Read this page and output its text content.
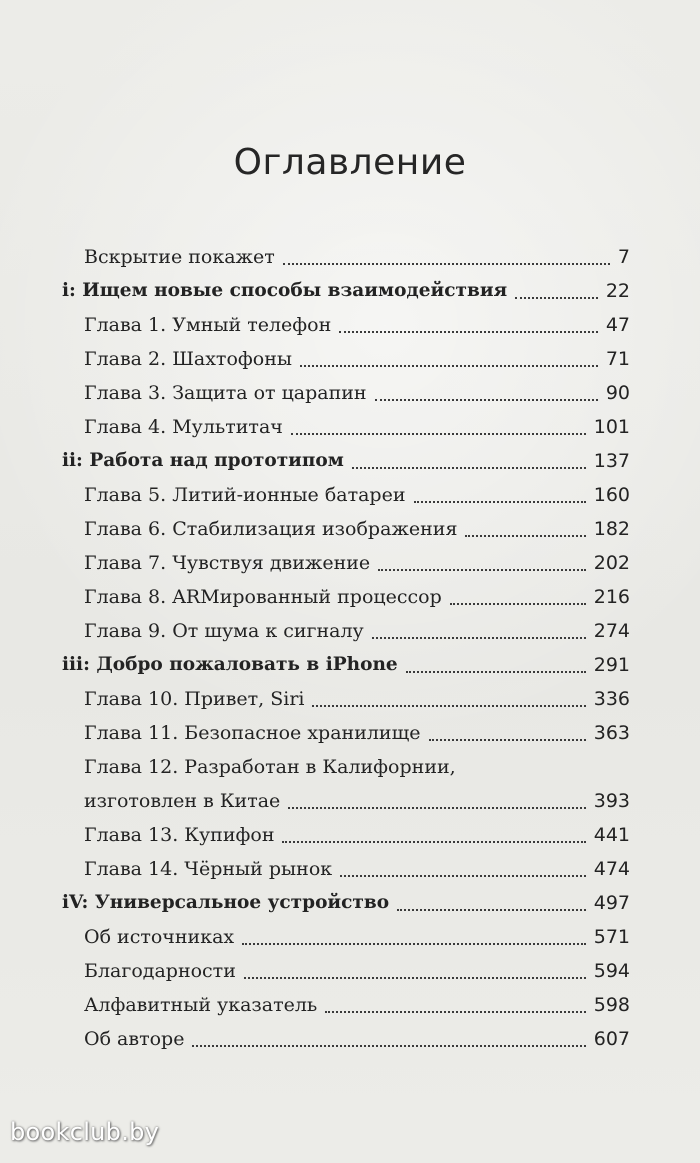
Оглавление
Вскрытие покажет	7
i: Ищем новые способы взаимодействия	22
Глава 1. Умный телефон	47
Глава 2. Шахтофоны	71
Глава 3. Защита от царапин	90
Глава 4. Мультитач	101
ii: Работа над прототипом	137
Глава 5. Литий-ионные батареи	160
Глава 6. Стабилизация изображения	182
Глава 7. Чувствуя движение	202
Глава 8. ARMированный процессор	216
Глава 9. От шума к сигналу	274
iii: Добро пожаловать в iPhone	291
Глава 10. Привет, Siri	336
Глава 11. Безопасное хранилище	363
Глава 12. Разработан в Калифорнии,
изготовлен в Китае	393
Глава 13. Купифон	441
Глава 14. Чёрный рынок	474
iV: Универсальное устройство	497
Об источниках	571
Благодарности	594
Алфавитный указатель	598
Об авторе	607
bookclub.by
